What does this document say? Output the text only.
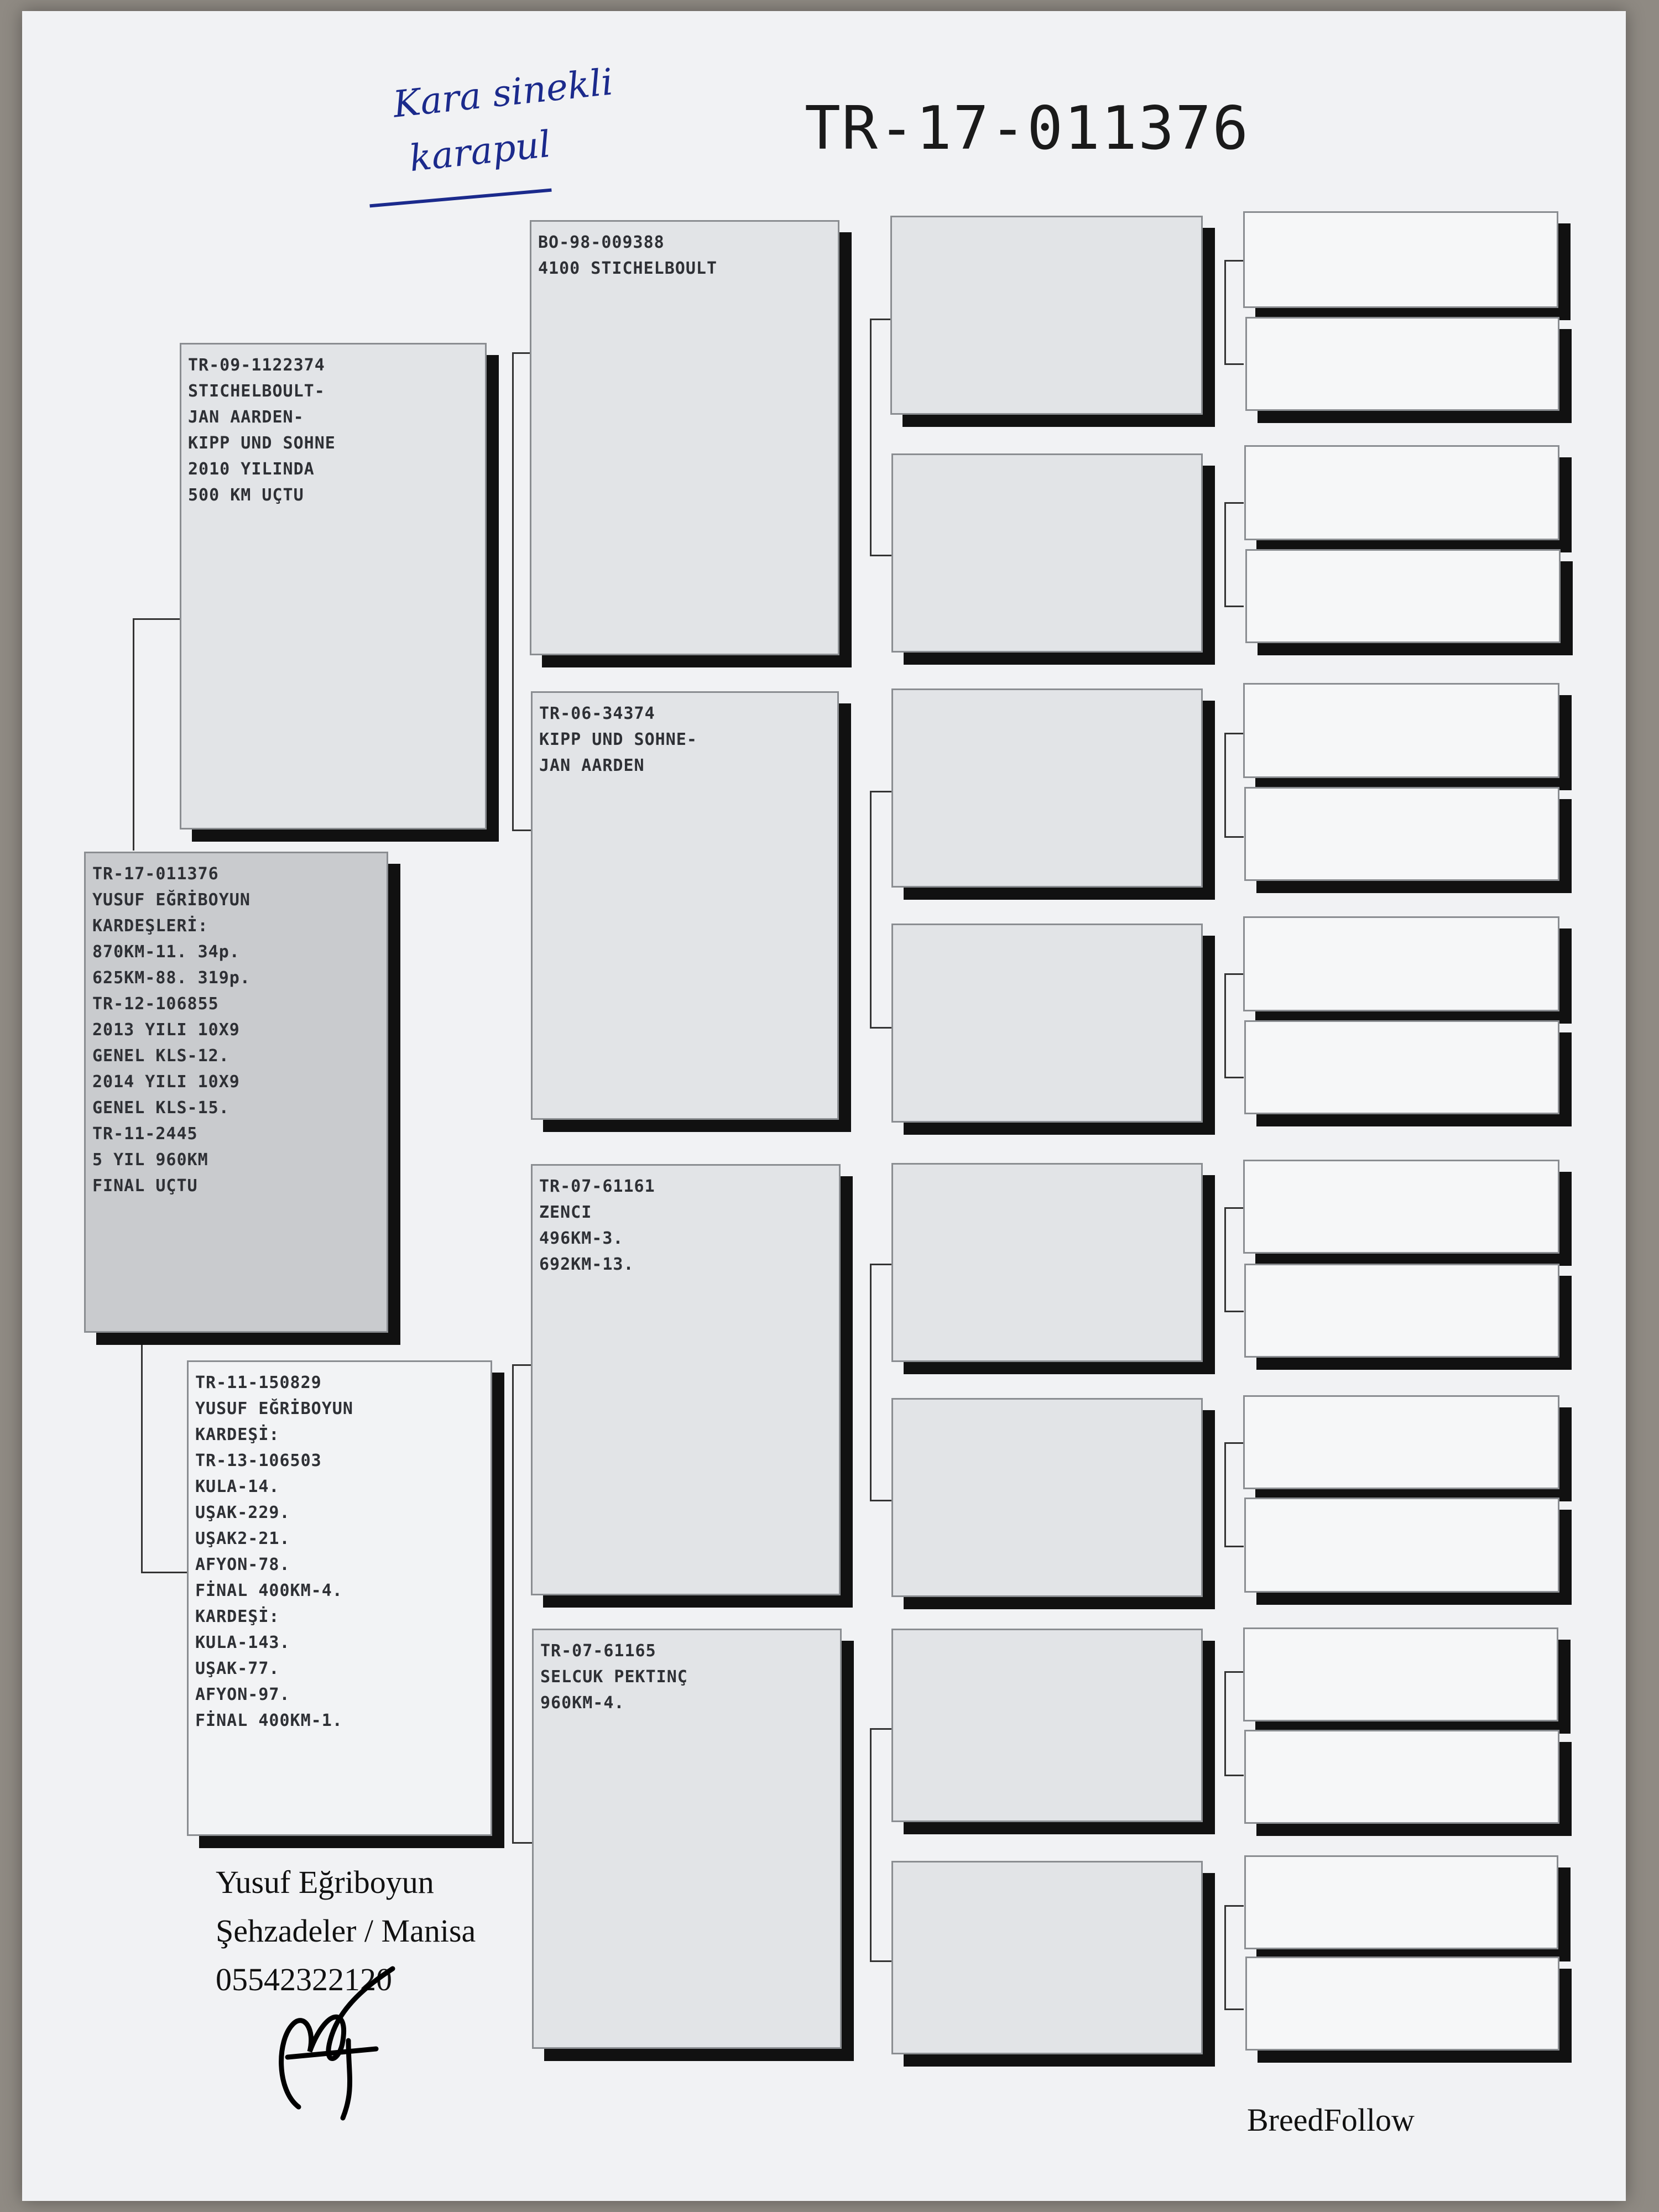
Kara sinekli
karapul	TR-17-011376
TR-17-011376
YUSUF EĞRİBOYUN
KARDEŞLERİ:
870KM-11. 34p.
625KM-88. 319p.
TR-12-106855
2013 YILI 10X9
GENEL KLS-12.
2014 YILI 10X9
GENEL KLS-15.
TR-11-2445
5 YIL 960KM
FINAL UÇTU
TR-09-1122374
STICHELBOULT-
JAN AARDEN-
KIPP UND SOHNE
2010 YILINDA
500 KM UÇTU
TR-11-150829
YUSUF EĞRİBOYUN
KARDEŞİ:
TR-13-106503
KULA-14.
UŞAK-229.
UŞAK2-21.
AFYON-78.
FİNAL 400KM-4.
KARDEŞİ:
KULA-143.
UŞAK-77.
AFYON-97.
FİNAL 400KM-1.
BO-98-009388
4100 STICHELBOULT
TR-06-34374
KIPP UND SOHNE-
JAN AARDEN
TR-07-61161
ZENCI
496KM-3.
692KM-13.
TR-07-61165
SELCUK PEKTINÇ
960KM-4.
Yusuf Eğriboyun
Şehzadeler / Manisa
05542322120
BreedFollow
